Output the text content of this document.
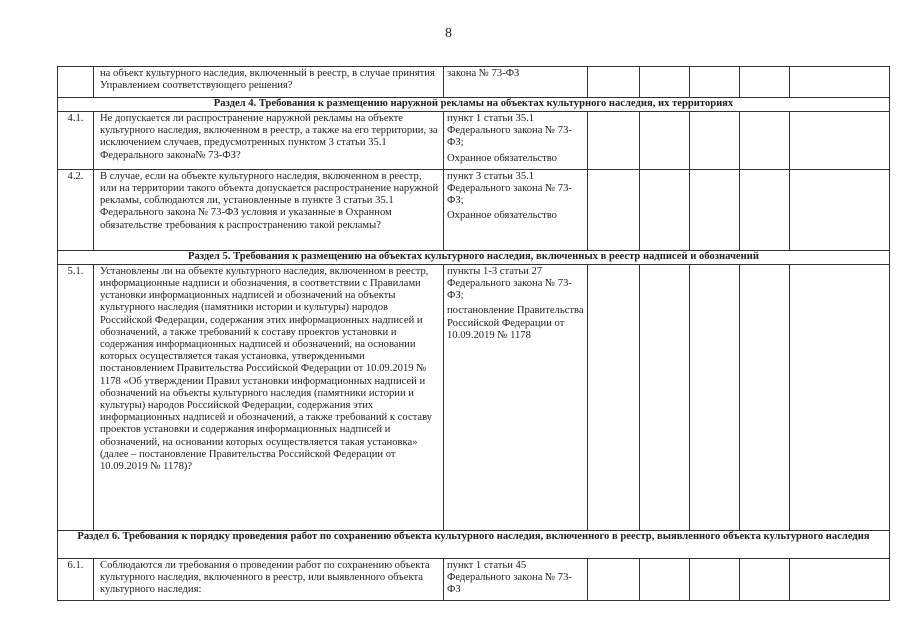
8
	на объект культурного наследия, включенный в реестр, в случае принятия Управлением соответствующего решения?	закона № 73-ФЗ					

Раздел 4. Требования к размещению наружной рекламы на объектах культурного наследия, их территориях							
4.1.	Не допускается ли распространение наружной рекламы на объекте культурного наследия, включенном в реестр, а также на его территории, за исключением случаев, предусмотренных пунктом 3 статьи 35.1 Федерального закона№ 73-ФЗ?	пункт 1 статьи 35.1 Федерального закона № 73-ФЗ;
Охранное обязательство					

4.2.	В случае, если на объекте культурного наследия, включенном в реестр, или на территории такого объекта допускается распространение наружной рекламы, соблюдаются ли, установленные в пункте 3 статьи 35.1 Федерального закона № 73-ФЗ условия и указанные в Охранном обязательстве требования к распространению такой рекламы?	пункт 3 статьи 35.1 Федерального закона № 73-ФЗ;
Охранное обязательство					

Раздел 5. Требования к размещению на объектах культурного наследия, включенных в реестр надписей и обозначений							
5.1.	Установлены ли на объекте культурного наследия, включенном в реестр, информационные надписи и обозначения, в соответствии с Правилами установки информационных надписей и обозначений на объекты культурного наследия (памятники истории и культуры) народов Российской Федерации, содержания этих информационных надписей и обозначений, а также требований к составу проектов установки и содержания информационных надписей и обозначений, на основании которых осуществляется такая установка, утвержденными постановлением Правительства Российской Федерации от 10.09.2019 № 1178 «Об утверждении Правил установки информационных надписей и обозначений на объекты культурного наследия (памятники истории и культуры) народов Российской Федерации, содержания этих информационных надписей и обозначений, а также требований к составу проектов установки и содержания информационных надписей и обозначений, на основании которых осуществляется такая установка» (далее – постановление Правительства Российской Федерации от 10.09.2019 № 1178)?	пункты 1-3 статьи 27 Федерального закона № 73-ФЗ;
постановление Правительства Российской Федерации от 10.09.2019 № 1178					

Раздел 6. Требования к порядку проведения работ по сохранению объекта культурного наследия, включенного в реестр, выявленного объекта культурного наследия							
6.1.	Соблюдаются ли требования о проведении работ по сохранению объекта культурного наследия, включенного в реестр, или выявленного объекта культурного наследия:	пункт 1 статьи 45 Федерального закона № 73-ФЗ					
